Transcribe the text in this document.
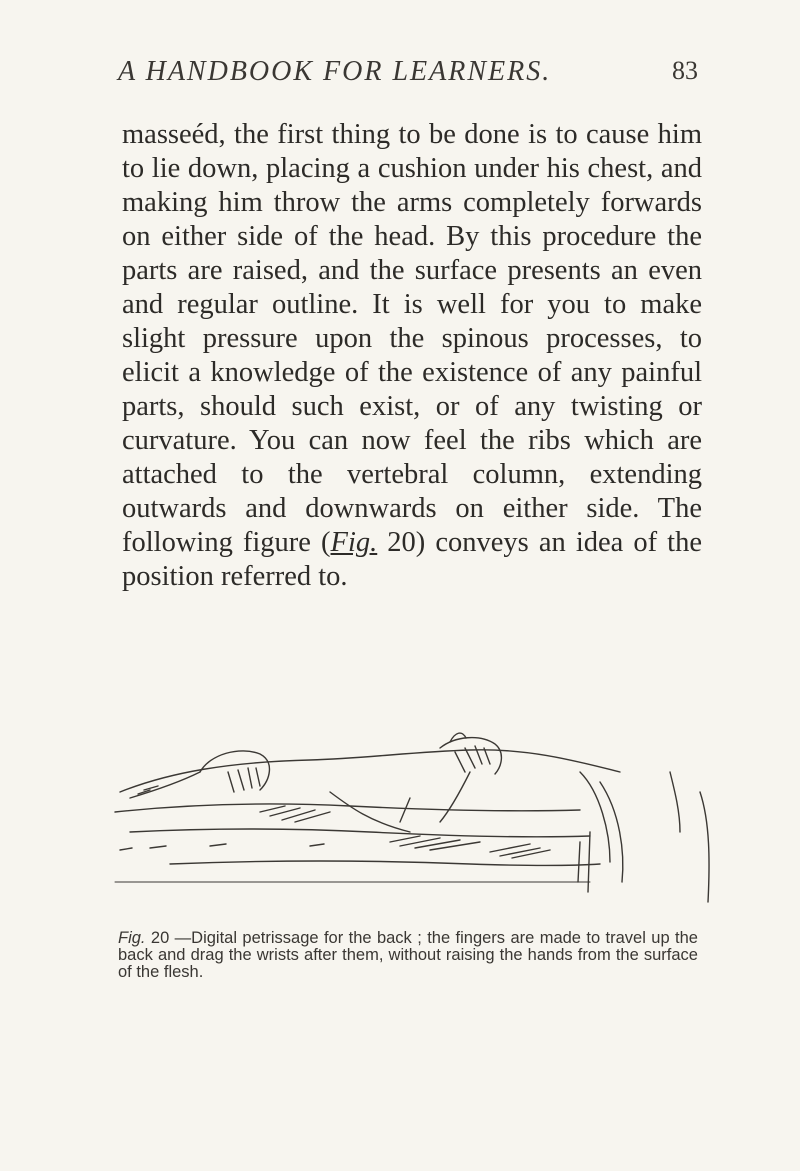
A HANDBOOK FOR LEARNERS.	83

masseéd, the first thing to be done is to cause him to lie down, placing a cushion under his chest, and making him throw the arms completely forwards on either side of the head. By this procedure the parts are raised, and the surface presents an even and regular outline. It is well for you to make slight pressure upon the spinous processes, to elicit a knowledge of the existence of any painful parts, should such exist, or of any twisting or curvature. You can now feel the ribs which are attached to the vertebral column, extending outwards and downwards on either side. The following figure (Fig. 20) conveys an idea of the position referred to.

Fig. 20 —Digital petrissage for the back ; the fingers are made to travel up the back and drag the wrists after them, without raising the hands from the surface of the flesh.
